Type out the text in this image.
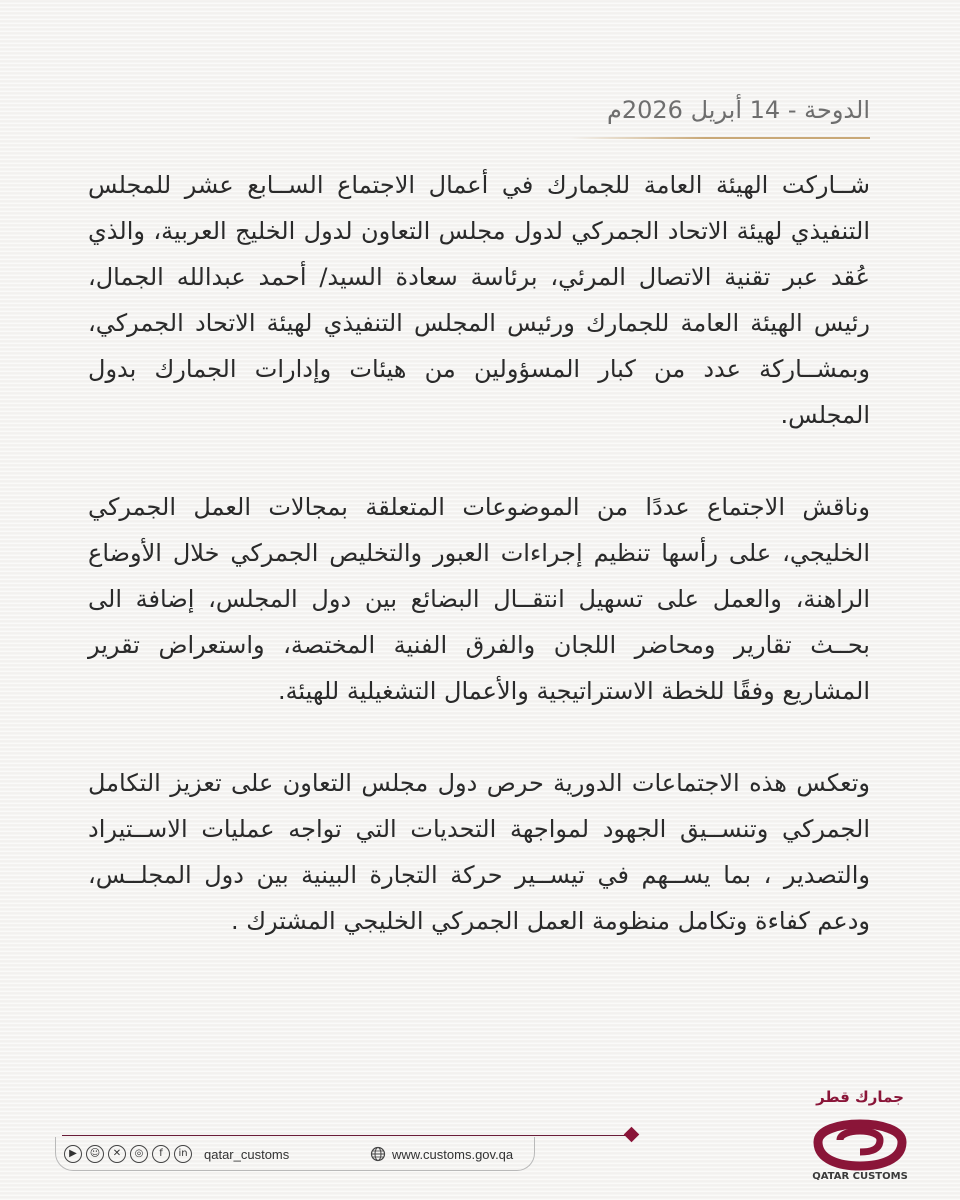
الدوحة - 14 أبريل 2026م

شــاركت الهيئة العامة للجمارك في أعمال الاجتماع الســابع عشر للمجلس التنفيذي لهيئة الاتحاد الجمركي لدول مجلس التعاون لدول الخليج العربية، والذي عُقد عبر تقنية الاتصال المرئي، برئاسة سعادة السيد/ أحمد عبدالله الجمال، رئيس الهيئة العامة للجمارك ورئيس المجلس التنفيذي لهيئة الاتحاد الجمركي، وبمشــاركة عدد من كبار المسؤولين من هيئات وإدارات الجمارك بدول المجلس.

وناقش الاجتماع عددًا من الموضوعات المتعلقة بمجالات العمل الجمركي الخليجي، على رأسها تنظيم إجراءات العبور والتخليص الجمركي خلال الأوضاع الراهنة، والعمل على تسهيل انتقــال البضائع بين دول المجلس، إضافة الى بحــث تقارير ومحاضر اللجان والفرق الفنية المختصة، واستعراض تقرير المشاريع وفقًا للخطة الاستراتيجية والأعمال التشغيلية للهيئة.

وتعكس هذه الاجتماعات الدورية حرص دول مجلس التعاون على تعزيز التكامل الجمركي وتنســيق الجهود لمواجهة التحديات التي تواجه عمليات الاســتيراد والتصدير ، بما يســهم في تيســير حركة التجارة البينية بين دول المجلــس، ودعم كفاءة وتكامل منظومة العمل الجمركي الخليجي المشترك .

▶	☺	✕	◎	f	in	qatar_customs	www.customs.gov.qa
جمارك قطر
QATAR CUSTOMS
